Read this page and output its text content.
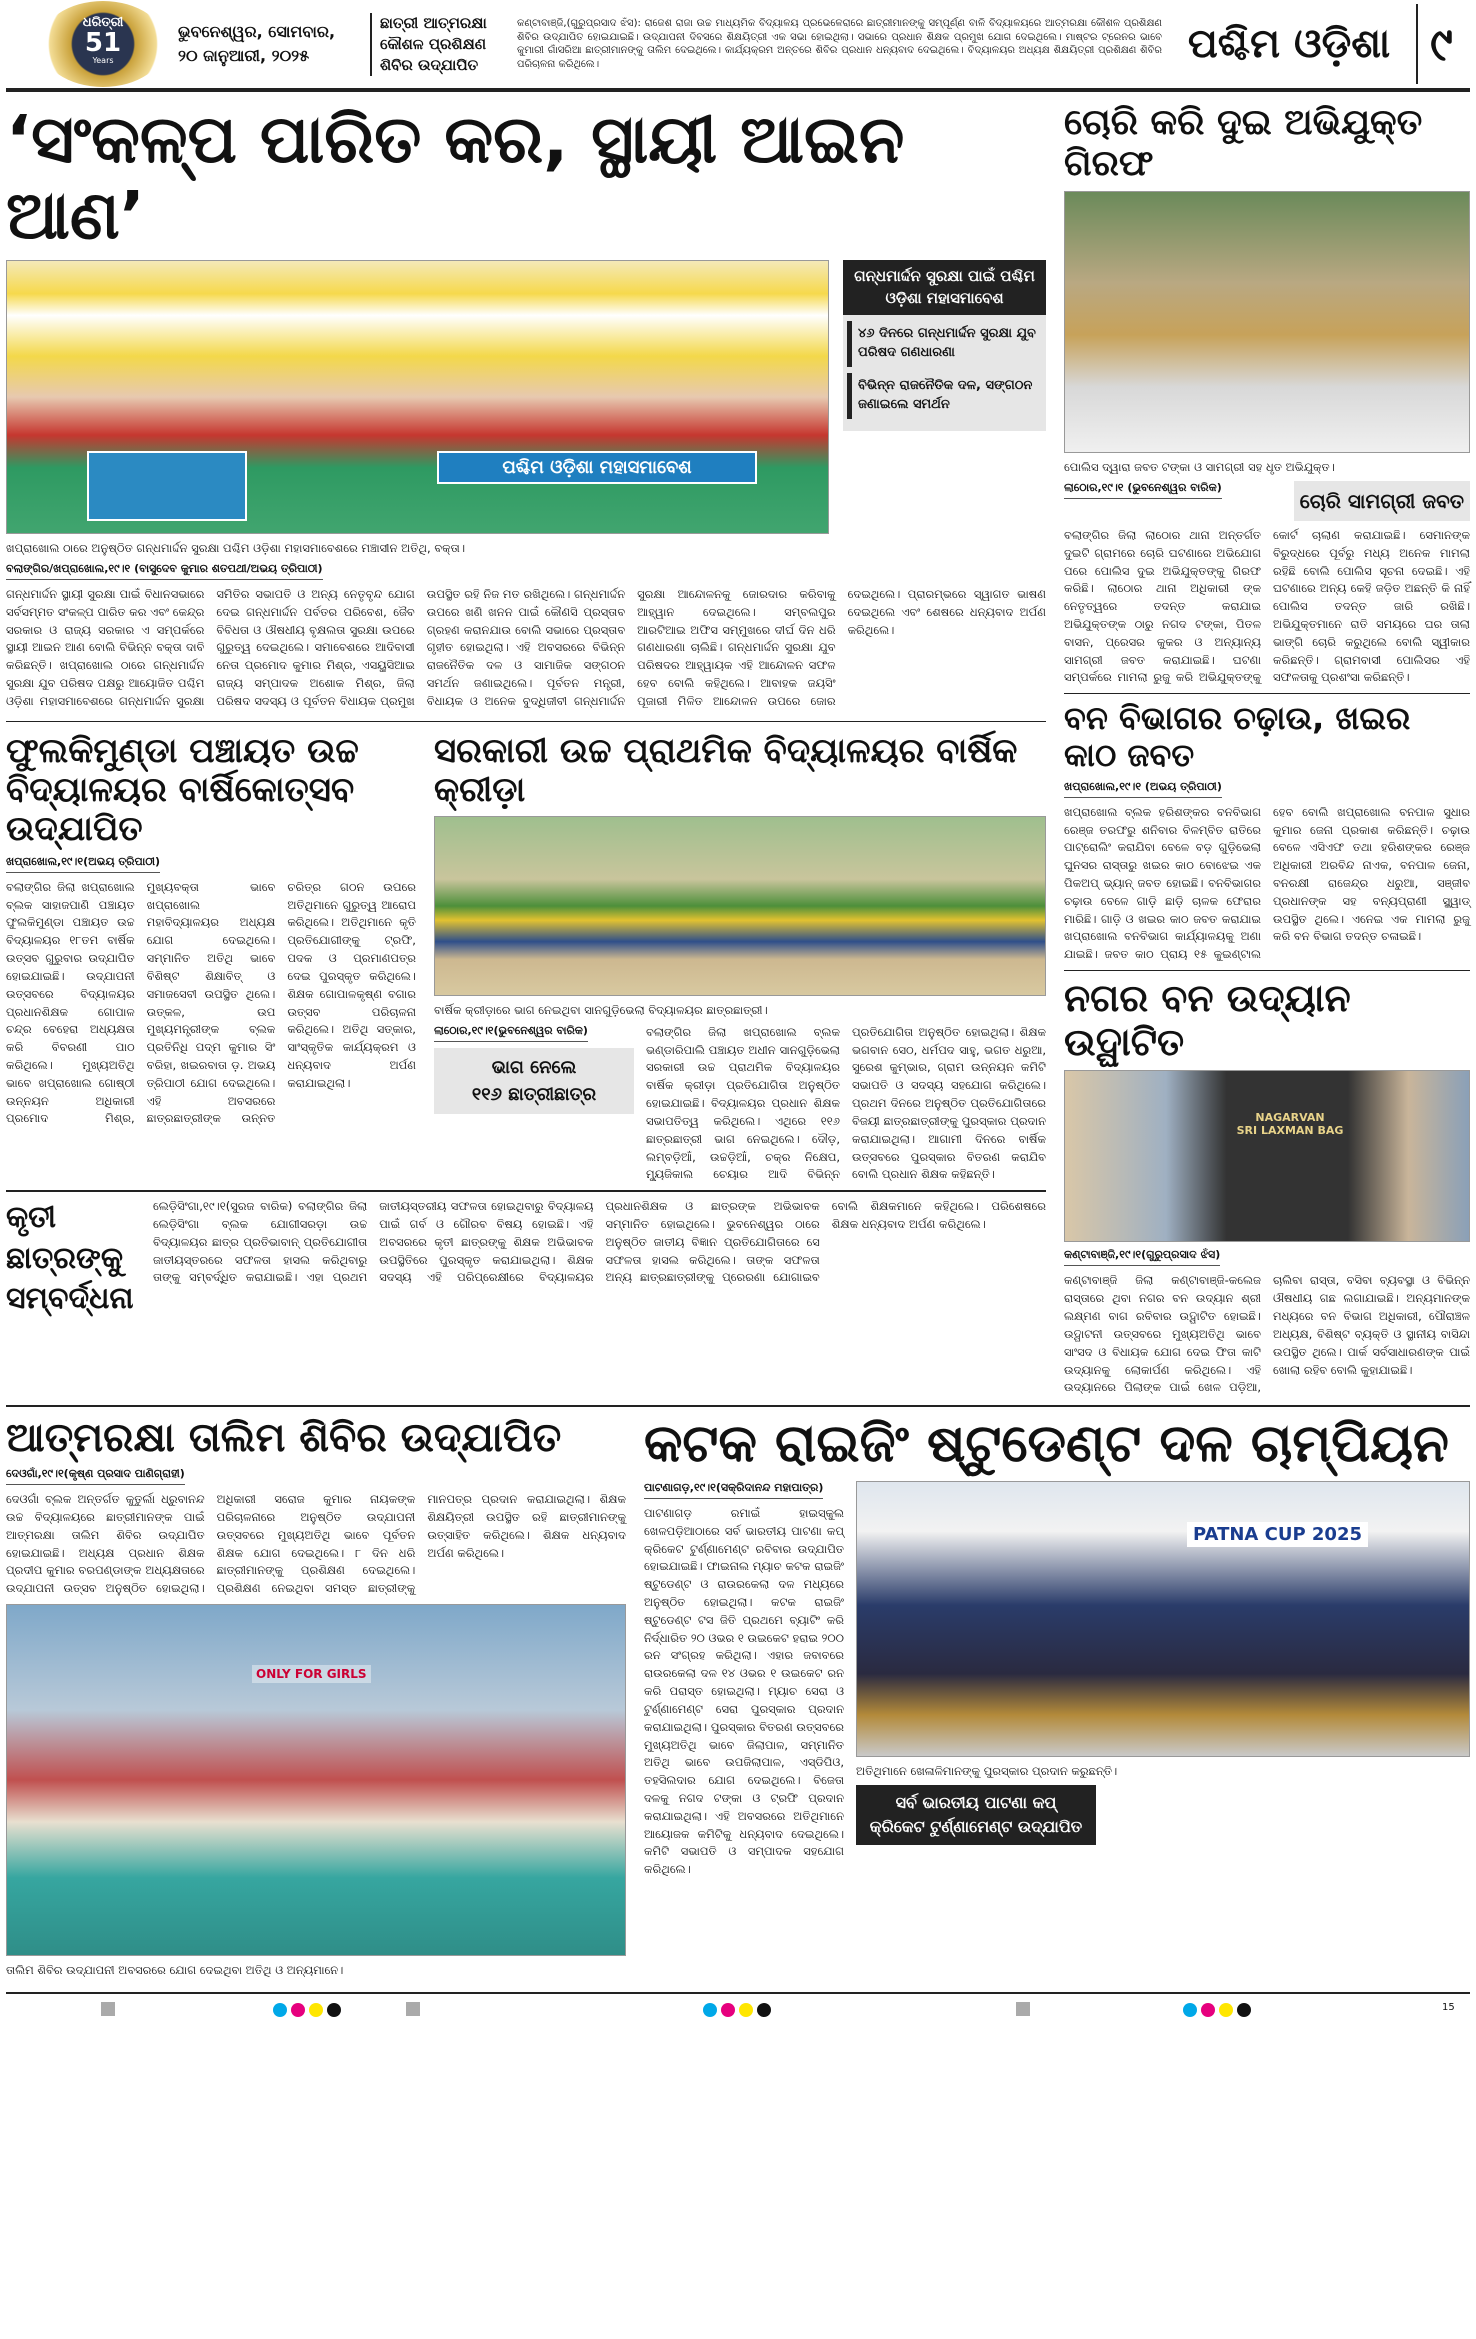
ଧରିତ୍ରୀ
51
Years
ଭୁବନେଶ୍ୱର, ସୋମବାର,
୨୦ ଜାନୁଆରୀ, ୨୦୨୫
ଛାତ୍ରୀ ଆତ୍ମରକ୍ଷା
କୌଶଳ ପ୍ରଶିକ୍ଷଣ
ଶିବିର ଉଦ୍ଯାପିତ
କଣ୍ଟାବାଞ୍ଜି,(ଗୁରୁପ୍ରସାଦ ଝଁସ): ରାଜେଶ ରାଜା ଉଚ୍ଚ ମାଧ୍ୟମିକ ବିଦ୍ୟାଳୟ ପ୍ରଭେଳେରାରେ ଛାତ୍ରୀମାନଙ୍କୁ ସମ୍ପୂର୍ଣ୍ଣ ବାଳି ବିଦ୍ୟାଳୟରେ ଆତ୍ମରକ୍ଷା କୌଶଳ ପ୍ରଶିକ୍ଷଣ ଶିବିର ଉଦ୍ଯାପିତ ହୋଇଯାଇଛି। ଉଦ୍ଯାପନୀ ଦିବସରେ ଶିକ୍ଷୟିତ୍ରୀ ଏକ ସଭା ହୋଇଥିଲା। ସଭାରେ ପ୍ରଧାନ ଶିକ୍ଷକ ପ୍ରମୁଖ ଯୋଗ ଦେଇଥିଲେ। ମାଷ୍ଟର ଟ୍ରେନର ଭାବେ କୁମାରୀ ଗାଁସରିଆ ଛାତ୍ରୀମାନଙ୍କୁ ତାଲିମ ଦେଇଥିଲେ। କାର୍ଯ୍ୟକ୍ରମ ଅନ୍ତରେ ଶିବିର ପ୍ରଧାନ ଧନ୍ୟବାଦ ଦେଇଥିଲେ। ବିଦ୍ୟାଳୟର ଅଧ୍ୟକ୍ଷ ଶିକ୍ଷୟିତ୍ରୀ ପ୍ରଶିକ୍ଷଣ ଶିବିର ପରିଚାଳନା କରିଥିଲେ।	ପଶ୍ଚିମ ଓଡ଼ିଶା ୯
‘ସଂକଳ୍ପ ପାରିତ କର, ସ୍ଥାୟୀ ଆଇନ ଆଣ’
ପଶ୍ଚିମ ଓଡ଼ିଶା ମହାସମାବେଶ
ଗନ୍ଧମାର୍ଦ୍ଦନ ସୁରକ୍ଷା ପାଇଁ ପଶ୍ଚିମ ଓଡ଼ିଶା ମହାସମାବେଶ
୪୬ ଦିନରେ ଗନ୍ଧମାର୍ଦ୍ଦନ ସୁରକ୍ଷା ଯୁବ ପରିଷଦ ଗଣଧାରଣା
ବିଭିନ୍ନ ରାଜନୈତିକ ଦଳ, ସଙ୍ଗଠନ ଜଣାଇଲେ ସମର୍ଥନ
ଖପ୍ରାଖୋଲ ଠାରେ ଅନୁଷ୍ଠିତ ଗନ୍ଧମାର୍ଦ୍ଦନ ସୁରକ୍ଷା ପଶ୍ଚିମ ଓଡ଼ିଶା ମହାସମାବେଶରେ ମଞ୍ଚାସୀନ ଅତିଥି, ବକ୍ତା।
ବଲାଙ୍ଗିର/ଖପ୍ରାଖୋଲ,୧୯।୧ (ବାସୁଦେବ କୁମାର ଶତପଥୀ/ଅଭୟ ତ୍ରିପାଠୀ)
ଗନ୍ଧମାର୍ଦ୍ଦନ ସ୍ଥାୟୀ ସୁରକ୍ଷା ପାଇଁ ବିଧାନସଭାରେ ସର୍ବସମ୍ମତ ସଂକଳ୍ପ ପାରିତ କର ଏବଂ କେନ୍ଦ୍ର ସରକାର ଓ ରାଜ୍ୟ ସରକାର ଏ ସମ୍ପର୍କରେ ସ୍ଥାୟୀ ଆଇନ ଆଣ ବୋଲି ବିଭିନ୍ନ ବକ୍ତା ଦାବି କରିଛନ୍ତି। ଖପ୍ରାଖୋଲ ଠାରେ ଗନ୍ଧମାର୍ଦ୍ଦନ ସୁରକ୍ଷା ଯୁବ ପରିଷଦ ପକ୍ଷରୁ ଆୟୋଜିତ ପଶ୍ଚିମ ଓଡ଼ିଶା ମହାସମାବେଶରେ ଗନ୍ଧମାର୍ଦ୍ଦନ ସୁରକ୍ଷା ସମିତିର ସଭାପତି ଓ ଅନ୍ୟ ନେତୃବୃନ୍ଦ ଯୋଗ ଦେଇ ଗନ୍ଧମାର୍ଦ୍ଦନ ପର୍ବତର ପରିବେଶ, ଜୈବ ବିବିଧତା ଓ ଔଷଧୀୟ ବୃକ୍ଷଲତା ସୁରକ୍ଷା ଉପରେ ଗୁରୁତ୍ୱ ଦେଇଥିଲେ। ସମାବେଶରେ ଆଦିବାସୀ ନେତା ପ୍ରମୋଦ କୁମାର ମିଶ୍ର, ଏସୟୁସିଆଇ ରାଜ୍ୟ ସମ୍ପାଦକ ଅଶୋକ ମିଶ୍ର, ଜିଲା ପରିଷଦ ସଦସ୍ୟ ଓ ପୂର୍ବତନ ବିଧାୟକ ପ୍ରମୁଖ ଉପସ୍ଥିତ ରହି ନିଜ ମତ ରଖିଥିଲେ। ଗନ୍ଧମାର୍ଦ୍ଦନ ଉପରେ ଖଣି ଖନନ ପାଇଁ କୌଣସି ପ୍ରସ୍ତାବ ଗ୍ରହଣ କରାନଯାଉ ବୋଲି ସଭାରେ ପ୍ରସ୍ତାବ ଗୃହୀତ ହୋଇଥିଲା। ଏହି ଅବସରରେ ବିଭିନ୍ନ ରାଜନୈତିକ ଦଳ ଓ ସାମାଜିକ ସଙ୍ଗଠନ ସମର୍ଥନ ଜଣାଇଥିଲେ। ପୂର୍ବତନ ମନ୍ତ୍ରୀ, ବିଧାୟକ ଓ ଅନେକ ବୁଦ୍ଧିଜୀବୀ ଗନ୍ଧମାର୍ଦ୍ଦନ ସୁରକ୍ଷା ଆନ୍ଦୋଳନକୁ ଜୋରଦାର କରିବାକୁ ଆହ୍ୱାନ ଦେଇଥିଲେ। ସମ୍ବଲପୁର ଆରଟିଆଇ ଅଫିସ ସମ୍ମୁଖରେ ଦୀର୍ଘ ଦିନ ଧରି ଗଣଧାରଣା ଚାଲିଛି। ଗନ୍ଧମାର୍ଦ୍ଦନ ସୁରକ୍ଷା ଯୁବ ପରିଷଦର ଆହ୍ୱାୟକ ଏହି ଆନ୍ଦୋଳନ ସଫଳ ହେବ ବୋଲି କହିଥିଲେ। ଆବାହକ ଜୟସିଂ ପୂଜାରୀ ମିଳିତ ଆନ୍ଦୋଳନ ଉପରେ ଜୋର ଦେଇଥିଲେ। ପ୍ରାରମ୍ଭରେ ସ୍ୱାଗତ ଭାଷଣ ଦେଇଥିଲେ ଏବଂ ଶେଷରେ ଧନ୍ୟବାଦ ଅର୍ପଣ କରିଥିଲେ।
ଫୁଲକିମୁଣ୍ଡା ପଞ୍ଚାୟତ ଉଚ୍ଚ ବିଦ୍ୟାଳୟର ବାର୍ଷିକୋତ୍ସବ ଉଦ୍ଯାପିତ
ଖପ୍ରାଖୋଲ,୧୯।୧(ଅଭୟ ତ୍ରିପାଠୀ)
ବଲାଙ୍ଗିର ଜିଲା ଖପ୍ରାଖୋଲ ବ୍ଲକ ସାହାଜପାଣି ପଞ୍ଚାୟତ ଫୁଲକିମୁଣ୍ଡା ପଞ୍ଚାୟତ ଉଚ୍ଚ ବିଦ୍ୟାଳୟର ୧୮ତମ ବାର୍ଷିକ ଉତ୍ସବ ଗୁରୁବାର ଉଦ୍ଯାପିତ ହୋଇଯାଇଛି। ଉଦ୍ଯାପନୀ ଉତ୍ସବରେ ବିଦ୍ୟାଳୟର ପ୍ରଧାନଶିକ୍ଷକ ଗୋପାଳ ଚନ୍ଦ୍ର ବେହେରା ଅଧ୍ୟକ୍ଷତା କରି ବିବରଣୀ ପାଠ କରିଥିଲେ। ମୁଖ୍ୟଅତିଥି ଭାବେ ଖପ୍ରାଖୋଲ ଗୋଷ୍ଠୀ ଉନ୍ନୟନ ଅଧିକାରୀ ପ୍ରମୋଦ ମିଶ୍ର, ମୁଖ୍ୟବକ୍ତା ଭାବେ ଖପ୍ରାଖୋଲ ମହାବିଦ୍ୟାଳୟର ଅଧ୍ୟକ୍ଷ ଯୋଗ ଦେଇଥିଲେ। ସମ୍ମାନିତ ଅତିଥି ଭାବେ ବିଶିଷ୍ଟ ଶିକ୍ଷାବିତ୍ ଓ ସମାଜସେବୀ ଉପସ୍ଥିତ ଥିଲେ। ଉତ୍କଳ, ଉପ ମୁଖ୍ୟମନ୍ତ୍ରୀଙ୍କ ବ୍ଲକ ପ୍ରତିନିଧି ପଦ୍ମ କୁମାର ସିଂ ବରିହା, ଖଇରବାତା ଡ଼. ଅଭୟ ତ୍ରିପାଠୀ ଯୋଗ ଦେଇଥିଲେ। ଏହି ଅବସରରେ ଛାତ୍ରଛାତ୍ରୀଙ୍କ ଉନ୍ନତ ଚରିତ୍ର ଗଠନ ଉପରେ ଅତିଥିମାନେ ଗୁରୁତ୍ୱ ଆରୋପ କରିଥିଲେ। ଅତିଥିମାନେ କୃତି ପ୍ରତିଯୋଗୀଙ୍କୁ ଟ୍ରଫି, ପଦକ ଓ ପ୍ରମାଣପତ୍ର ଦେଇ ପୁରସ୍କୃତ କରିଥିଲେ। ଶିକ୍ଷକ ଗୋପାଳକୃଷ୍ଣ ବଗାର ଉତ୍ସବ ପରିଚାଳନା କରିଥିଲେ। ଅତିଥି ସତ୍କାର, ସାଂସ୍କୃତିକ କାର୍ଯ୍ୟକ୍ରମ ଓ ଧନ୍ୟବାଦ ଅର୍ପଣ କରାଯାଇଥିଲା।
ସରକାରୀ ଉଚ୍ଚ ପ୍ରାଥମିକ ବିଦ୍ୟାଳୟର ବାର୍ଷିକ କ୍ରୀଡ଼ା
ବାର୍ଷିକ କ୍ରୀଡ଼ାରେ ଭାଗ ନେଇଥିବା ସାନଗୁଡ଼ିଭେଲା ବିଦ୍ୟାଳୟର ଛାତ୍ରଛାତ୍ରୀ।
ଲାଠୋର,୧୯।୧(ଭୁବନେଶ୍ୱର ବାରିକ)
ଭାଗ ନେଲେ
୧୧୬ ଛାତ୍ରୀଛାତ୍ର
ବଲାଙ୍ଗିର ଜିଲା ଖପ୍ରାଖୋଲ ବ୍ଲକ ଭଣ୍ଡାରିପାଲି ପଞ୍ଚାୟତ ଅଧୀନ ସାନଗୁଡ଼ିଭେଲା ସରକାରୀ ଉଚ୍ଚ ପ୍ରାଥମିକ ବିଦ୍ୟାଳୟର ବାର୍ଷିକ କ୍ରୀଡ଼ା ପ୍ରତିଯୋଗିତା ଅନୁଷ୍ଠିତ ହୋଇଯାଇଛି। ବିଦ୍ୟାଳୟର ପ୍ରଧାନ ଶିକ୍ଷକ ସଭାପତିତ୍ୱ କରିଥିଲେ। ଏଥିରେ ୧୧୬ ଛାତ୍ରଛାତ୍ରୀ ଭାଗ ନେଇଥିଲେ। ଦୌଡ଼, ଲମ୍ବଡ଼ିଆଁ, ଉଚ୍ଚଡ଼ିଆଁ, ଚକ୍ର ନିକ୍ଷେପ, ମ୍ୟୁଜିକାଲ ଚେୟାର ଆଦି ବିଭିନ୍ନ ପ୍ରତିଯୋଗିତା ଅନୁଷ୍ଠିତ ହୋଇଥିଲା। ଶିକ୍ଷକ ଭଗବାନ ସେଠ, ଧର୍ମପଦ ସାହୁ, ଭଗତ ଧରୁଆ, ସୁରେଶ କୁମ୍ଭାର, ଗ୍ରାମ ଉନ୍ନୟନ କମିଟି ସଭାପତି ଓ ସଦସ୍ୟ ସହଯୋଗ କରିଥିଲେ। ପ୍ରଥମ ଦିନରେ ଅନୁଷ୍ଠିତ ପ୍ରତିଯୋଗିତାରେ ବିଜୟୀ ଛାତ୍ରଛାତ୍ରୀଙ୍କୁ ପୁରସ୍କାର ପ୍ରଦାନ କରାଯାଇଥିଲା। ଆଗାମୀ ଦିନରେ ବାର୍ଷିକ ଉତ୍ସବରେ ପୁରସ୍କାର ବିତରଣ କରାଯିବ ବୋଲି ପ୍ରଧାନ ଶିକ୍ଷକ କହିଛନ୍ତି।
କୃତୀ ଛାତ୍ରଙ୍କୁ ସମ୍ବର୍ଦ୍ଧନା
ଲେଡ଼ିସିଂଗା,୧୯।୧(ସୁରଜ ବାରିକ) ବଲାଙ୍ଗିର ଜିଲା ଲେଡ଼ିସିଂଗା ବ୍ଲକ ଯୋଗୀସରଡ଼ା ଉଚ୍ଚ ବିଦ୍ୟାଳୟର ଛାତ୍ର ପ୍ରତିଭାବାନ୍ ପ୍ରତିଯୋଗୀତା ଜାତୀୟସ୍ତରରେ ସଫଳତା ହାସଲ କରିଥିବାରୁ ତାଙ୍କୁ ସମ୍ବର୍ଦ୍ଧିତ କରାଯାଇଛି। ଏହା ପ୍ରଥମ ଜାତୀୟସ୍ତରୀୟ ସଫଳତା ହୋଇଥିବାରୁ ବିଦ୍ୟାଳୟ ପାଇଁ ଗର୍ବ ଓ ଗୌରବ ବିଷୟ ହୋଇଛି। ଏହି ଅବସରରେ କୃତୀ ଛାତ୍ରଙ୍କୁ ଶିକ୍ଷକ ଅଭିଭାବକ ଉପସ୍ଥିତିରେ ପୁରସ୍କୃତ କରାଯାଇଥିଲା। ଶିକ୍ଷକ ସଦସ୍ୟ ଏହି ପରିପ୍ରେକ୍ଷୀରେ ବିଦ୍ୟାଳୟର ପ୍ରଧାନଶିକ୍ଷକ ଓ ଛାତ୍ରଙ୍କ ଅଭିଭାବକ ସମ୍ମାନିତ ହୋଇଥିଲେ। ଭୁବନେଶ୍ୱର ଠାରେ ଅନୁଷ୍ଠିତ ଜାତୀୟ ବିଜ୍ଞାନ ପ୍ରତିଯୋଗିତାରେ ସେ ସଫଳତା ହାସଲ କରିଥିଲେ। ତାଙ୍କ ସଫଳତା ଅନ୍ୟ ଛାତ୍ରଛାତ୍ରୀଙ୍କୁ ପ୍ରେରଣା ଯୋଗାଇବ ବୋଲି ଶିକ୍ଷକମାନେ କହିଥିଲେ। ପରିଶେଷରେ ଶିକ୍ଷକ ଧନ୍ୟବାଦ ଅର୍ପଣ କରିଥିଲେ।
ଚୋରି କରି ଦୁଇ ଅଭିଯୁକ୍ତ ଗିରଫ
ପୋଲିସ ଦ୍ୱାରା ଜବତ ଟଙ୍କା ଓ ସାମଗ୍ରୀ ସହ ଧୃତ ଅଭିଯୁକ୍ତ।
ଲାଠୋର,୧୯।୧ (ଭୁବନେଶ୍ୱର ବାରିକ)
ଚୋରି ସାମଗ୍ରୀ ଜବତ
ବଲାଙ୍ଗିର ଜିଲା ଲାଠୋର ଥାନା ଅନ୍ତର୍ଗତ ଦୁଇଟି ଗ୍ରାମରେ ଚୋରି ଘଟଣାରେ ଅଭିଯୋଗ ପରେ ପୋଲିସ ଦୁଇ ଅଭିଯୁକ୍ତଙ୍କୁ ଗିରଫ କରିଛି। ଲାଠୋର ଥାନା ଅଧିକାରୀ ଙ୍କ ନେତୃତ୍ୱରେ ତଦନ୍ତ କରାଯାଇ ଅଭିଯୁକ୍ତଙ୍କ ଠାରୁ ନଗଦ ଟଙ୍କା, ପିତଳ ବାସନ, ପ୍ରେସର କୁକର ଓ ଅନ୍ୟାନ୍ୟ ସାମଗ୍ରୀ ଜବତ କରାଯାଇଛି। ଘଟଣା ସମ୍ପର୍କରେ ମାମଲା ରୁଜୁ କରି ଅଭିଯୁକ୍ତଙ୍କୁ କୋର୍ଟ ଚାଲାଣ କରାଯାଇଛି। ସେମାନଙ୍କ ବିରୁଦ୍ଧରେ ପୂର୍ବରୁ ମଧ୍ୟ ଅନେକ ମାମଲା ରହିଛି ବୋଲି ପୋଲିସ ସୂଚନା ଦେଇଛି। ଏହି ଘଟଣାରେ ଅନ୍ୟ କେହି ଜଡ଼ିତ ଅଛନ୍ତି କି ନାହିଁ ପୋଲିସ ତଦନ୍ତ ଜାରି ରଖିଛି। ଅଭିଯୁକ୍ତମାନେ ରାତି ସମୟରେ ଘର ତାଲା ଭାଙ୍ଗି ଚୋରି କରୁଥିଲେ ବୋଲି ସ୍ୱୀକାର କରିଛନ୍ତି। ଗ୍ରାମବାସୀ ପୋଲିସର ଏହି ସଫଳତାକୁ ପ୍ରଶଂସା କରିଛନ୍ତି।
ବନ ବିଭାଗର ଚଢ଼ାଉ, ଖଇର କାଠ ଜବତ
ଖପ୍ରାଖୋଲ,୧୯।୧ (ଅଭୟ ତ୍ରିପାଠୀ)
ଖପ୍ରାଖୋଲ ବ୍ଲକ ହରିଶଙ୍କର ବନବିଭାଗ ରେଞ୍ଜ ତରଫରୁ ଶନିବାର ବିଳମ୍ବିତ ରାତିରେ ପାଟ୍ରୋଲିଂ କରାଯିବା ବେଳେ ବଡ଼ ଗୁଡ଼ିଭେଲା ଘୁନସର ରାସ୍ତାରୁ ଖଇର କାଠ ବୋଝେଇ ଏକ ପିକଅପ୍ ଭ୍ୟାନ୍ ଜବତ ହୋଇଛି। ବନବିଭାଗର ଚଢ଼ାଉ ବେଳେ ଗାଡ଼ି ଛାଡ଼ି ଚାଳକ ଫେରାର ମାରିଛି। ଗାଡ଼ି ଓ ଖଇର କାଠ ଜବତ କରାଯାଇ ଖପ୍ରାଖୋଲ ବନବିଭାଗ କାର୍ଯ୍ୟାଳୟକୁ ଅଣା ଯାଇଛି। ଜବତ କାଠ ପ୍ରାୟ ୧୫ କୁଇଣ୍ଟାଲ ହେବ ବୋଲି ଖପ୍ରାଖୋଲ ବନପାଳ ସୁଧାର କୁମାର ଜେନା ପ୍ରକାଶ କରିଛନ୍ତି। ଚଢ଼ାଉ ବେଳେ ଏସିଏଫ ତଥା ହରିଶଙ୍କର ରେଞ୍ଜ ଅଧିକାରୀ ଅରବିନ୍ଦ ନାଏକ, ବନପାଳ ଜେନା, ବନରକ୍ଷୀ ରାଜେନ୍ଦ୍ର ଧରୁଆ, ସଞ୍ଜୀବ ପ୍ରଧାନଙ୍କ ସହ ବନ୍ୟପ୍ରାଣୀ ସ୍କ୍ୱାଡ୍ ଉପସ୍ଥିତ ଥିଲେ। ଏନେଇ ଏକ ମାମଲା ରୁଜୁ କରି ବନ ବିଭାଗ ତଦନ୍ତ ଚଳାଇଛି।
ନଗର ବନ ଉଦ୍ୟାନ ଉଦ୍ଘାଟିତ
NAGARVAN
SRI LAXMAN BAG
କଣ୍ଟାବାଞ୍ଜି,୧୯।୧(ଗୁରୁପ୍ରସାଦ ଝଁସ)
କଣ୍ଟାବାଞ୍ଜି ଜିଲା କଣ୍ଟାବାଞ୍ଜି-କଲେଜ ରାସ୍ତାରେ ଥିବା ନଗର ବନ ଉଦ୍ୟାନ ଶ୍ରୀ ଲକ୍ଷ୍ମଣ ବାଗ ରବିବାର ଉଦ୍ଘାଟିତ ହୋଇଛି। ଉଦ୍ଘାଟନୀ ଉତ୍ସବରେ ମୁଖ୍ୟଅତିଥି ଭାବେ ସାଂସଦ ଓ ବିଧାୟକ ଯୋଗ ଦେଇ ଫିତା କାଟି ଉଦ୍ୟାନକୁ ଲୋକାର୍ପଣ କରିଥିଲେ। ଏହି ଉଦ୍ୟାନରେ ପିଲାଙ୍କ ପାଇଁ ଖେଳ ପଡ଼ିଆ, ଚାଲିବା ରାସ୍ତା, ବସିବା ବ୍ୟବସ୍ଥା ଓ ବିଭିନ୍ନ ଔଷଧୀୟ ଗଛ ଲଗାଯାଇଛି। ଅନ୍ୟମାନଙ୍କ ମଧ୍ୟରେ ବନ ବିଭାଗ ଅଧିକାରୀ, ପୌରାଞ୍ଚଳ ଅଧ୍ୟକ୍ଷ, ବିଶିଷ୍ଟ ବ୍ୟକ୍ତି ଓ ସ୍ଥାନୀୟ ବାସିନ୍ଦା ଉପସ୍ଥିତ ଥିଲେ। ପାର୍କ ସର୍ବସାଧାରଣଙ୍କ ପାଇଁ ଖୋଲା ରହିବ ବୋଲି କୁହାଯାଇଛି।
ଆତ୍ମରକ୍ଷା ତାଲିମ ଶିବିର ଉଦ୍ଯାପିତ
ଦେଓଗାଁ,୧୯।୧(କୃଷ୍ଣ ପ୍ରସାଦ ପାଣିଗ୍ରାହୀ)
ଦେଓଗାଁ ବ୍ଲକ ଅନ୍ତର୍ଗତ କୁତୁର୍ଲା ଧ୍ରୁବାନନ୍ଦ ଉଚ୍ଚ ବିଦ୍ୟାଳୟରେ ଛାତ୍ରୀମାନଙ୍କ ପାଇଁ ଆତ୍ମରକ୍ଷା ତାଲିମ ଶିବିର ଉଦ୍ଯାପିତ ହୋଇଯାଇଛି। ଅଧ୍ୟକ୍ଷ ପ୍ରଧାନ ଶିକ୍ଷକ ପ୍ରଦୀପ କୁମାର ବରପଣ୍ଡାଙ୍କ ଅଧ୍ୟକ୍ଷତାରେ ଉଦ୍ଯାପନୀ ଉତ୍ସବ ଅନୁଷ୍ଠିତ ହୋଇଥିଲା। ଅଧିକାରୀ ସରୋଜ କୁମାର ନାୟକଙ୍କ ପରିଚାଳନାରେ ଅନୁଷ୍ଠିତ ଉଦ୍ଯାପନୀ ଉତ୍ସବରେ ମୁଖ୍ୟଅତିଥି ଭାବେ ପୂର୍ବତନ ଶିକ୍ଷକ ଯୋଗ ଦେଇଥିଲେ। ୮ ଦିନ ଧରି ଛାତ୍ରୀମାନଙ୍କୁ ପ୍ରଶିକ୍ଷଣ ଦେଇଥିଲେ। ପ୍ରଶିକ୍ଷଣ ନେଇଥିବା ସମସ୍ତ ଛାତ୍ରୀଙ୍କୁ ମାନପତ୍ର ପ୍ରଦାନ କରାଯାଇଥିଲା। ଶିକ୍ଷକ ଶିକ୍ଷୟିତ୍ରୀ ଉପସ୍ଥିତ ରହି ଛାତ୍ରୀମାନଙ୍କୁ ଉତ୍ସାହିତ କରିଥିଲେ। ଶିକ୍ଷକ ଧନ୍ୟବାଦ ଅର୍ପଣ କରିଥିଲେ।
ONLY FOR GIRLS
ତାଲିମ ଶିବିର ଉଦ୍ଯାପନୀ ଅବସରରେ ଯୋଗ ଦେଇଥିବା ଅତିଥି ଓ ଅନ୍ୟମାନେ।
କଟକ ରାଇଜିଂ ଷ୍ଟୁଡେଣ୍ଟ ଦଳ ଚାମ୍ପିୟନ
ପାଟଣାଗଡ଼,୧୯।୧(ସକ୍ରିଦାନନ୍ଦ ମହାପାତ୍ର)
ପାଟଣାଗଡ଼ ରମାଇଁ ହାଇସ୍କୁଲ ଖେଳପଡ଼ିଆଠାରେ ସର୍ବ ଭାରତୀୟ ପାଟଣା କପ୍ କ୍ରିକେଟ ଟୁର୍ଣ୍ଣାମେଣ୍ଟ ରବିବାର ଉଦ୍ଯାପିତ ହୋଇଯାଇଛି। ଫାଇନାଲ ମ୍ୟାଚ କଟକ ରାଇଜିଂ ଷ୍ଟୁଡେଣ୍ଟ ଓ ରାଉରକେଲା ଦଳ ମଧ୍ୟରେ ଅନୁଷ୍ଠିତ ହୋଇଥିଲା। କଟକ ରାଇଜିଂ ଷ୍ଟୁଡେଣ୍ଟ ଟସ ଜିତି ପ୍ରଥମେ ବ୍ୟାଟିଂ କରି ନିର୍ଦ୍ଧାରିତ ୨୦ ଓଭର ୧ ଉଇକେଟ ହରାଇ ୨୦୦ ରନ ସଂଗ୍ରହ କରିଥିଲା। ଏହାର ଜବାବରେ ରାଉରକେଲା ଦଳ ୧୪ ଓଭର ୧ ଉଇକେଟ ରନ କରି ପରାସ୍ତ ହୋଇଥିଲା। ମ୍ୟାଚ ସେରା ଓ ଟୁର୍ଣ୍ଣାମେଣ୍ଟ ସେରା ପୁରସ୍କାର ପ୍ରଦାନ କରାଯାଇଥିଲା। ପୁରସ୍କାର ବିତରଣ ଉତ୍ସବରେ ମୁଖ୍ୟଅତିଥି ଭାବେ ଜିଲାପାଳ, ସମ୍ମାନିତ ଅତିଥି ଭାବେ ଉପଜିଲାପାଳ, ଏସ୍‌ଡିପିଓ, ତହସିଲଦାର ଯୋଗ ଦେଇଥିଲେ। ବିଜେତା ଦଳକୁ ନଗଦ ଟଙ୍କା ଓ ଟ୍ରଫି ପ୍ରଦାନ କରାଯାଇଥିଲା। ଏହି ଅବସରରେ ଅତିଥିମାନେ ଆୟୋଜକ କମିଟିକୁ ଧନ୍ୟବାଦ ଦେଇଥିଲେ। କମିଟି ସଭାପତି ଓ ସମ୍ପାଦକ ସହଯୋଗ କରିଥିଲେ।
PATNA CUP 2025
ଅତିଥିମାନେ ଖେଳାଳିମାନଙ୍କୁ ପୁରସ୍କାର ପ୍ରଦାନ କରୁଛନ୍ତି।
ସର୍ବ ଭାରତୀୟ ପାଟଣା କପ୍
କ୍ରିକେଟ ଟୁର୍ଣ୍ଣାମେଣ୍ଟ ଉଦ୍ଯାପିତ
15
